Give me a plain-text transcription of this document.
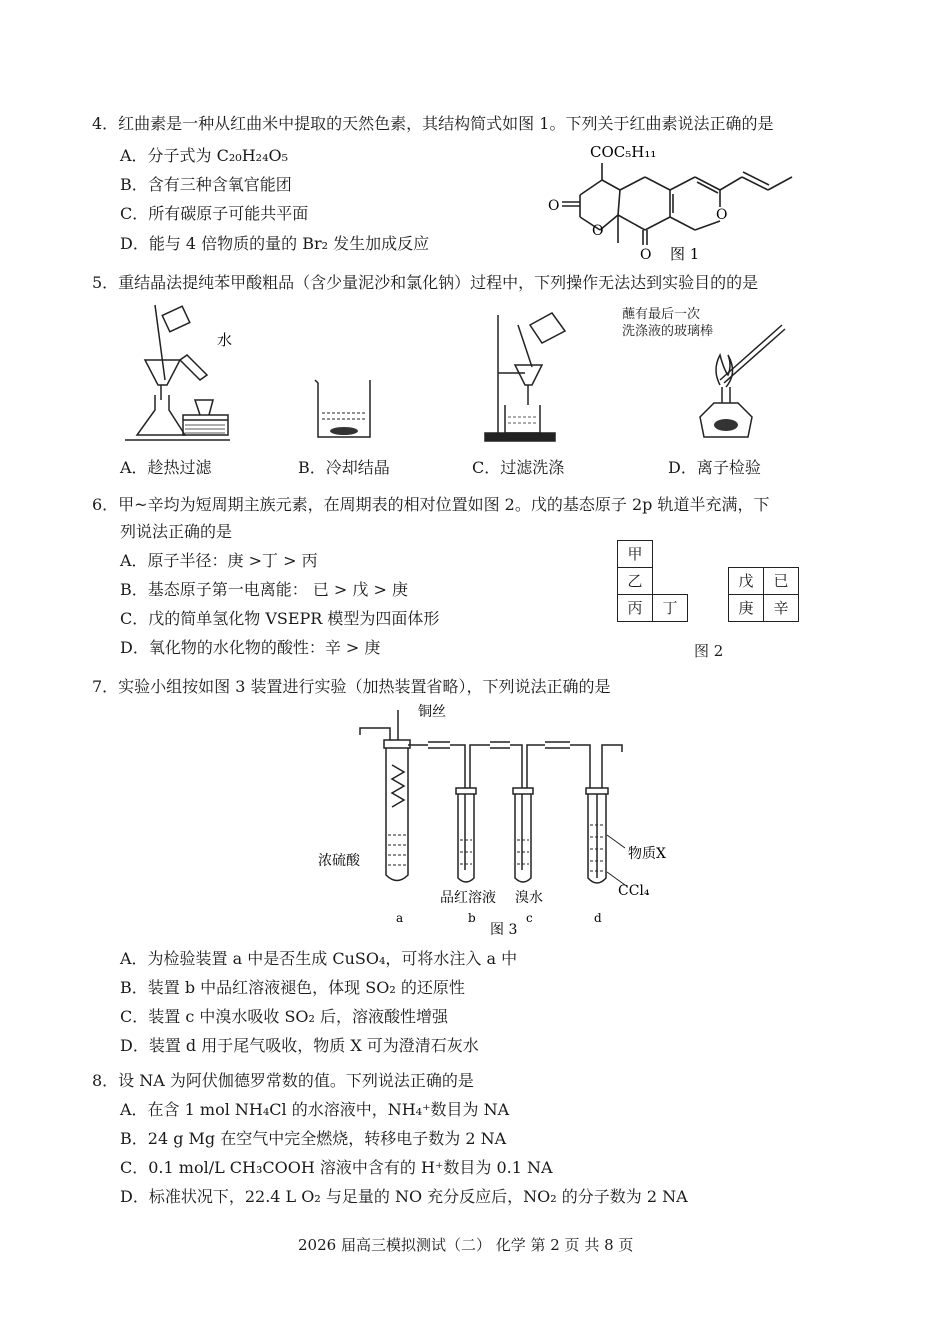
4．红曲素是一种从红曲米中提取的天然色素，其结构简式如图 1。下列关于红曲素说法正确的是
A．分子式为 C₂₀H₂₄O₅
B．含有三种含氧官能团
C．所有碳原子可能共平面
D．能与 4 倍物质的量的 Br₂ 发生加成反应
COC₅H₁₁
O
O
O
O
图 1
5．重结晶法提纯苯甲酸粗品（含少量泥沙和氯化钠）过程中，下列操作无法达到实验目的的是
水
蘸有最后一次
洗涤液的玻璃棒
A．趁热过滤	B．冷却结晶	C．过滤洗涤	D．离子检验
6．甲~辛均为短周期主族元素，在周期表的相对位置如图 2。戊的基态原子 2p 轨道半充满，下
列说法正确的是
A．原子半径：庚 >丁 > 丙
B．基态原子第一电离能： 已 > 戊 > 庚
C．戊的简单氢化物 VSEPR 模型为四面体形
D．氧化物的水化物的酸性：辛 > 庚
甲
乙
丙	丁
戊	已
庚	辛
图 2
7．实验小组按如图 3 装置进行实验（加热装置省略），下列说法正确的是
铜丝
浓硫酸
品红溶液 溴水
物质X
CCl₄
a	b	c	d
图 3
A．为检验装置 a 中是否生成 CuSO₄，可将水注入 a 中
B．装置 b 中品红溶液褪色，体现 SO₂ 的还原性
C．装置 c 中溴水吸收 SO₂ 后，溶液酸性增强
D．装置 d 用于尾气吸收，物质 X 可为澄清石灰水
8．设 NA 为阿伏伽德罗常数的值。下列说法正确的是
A．在含 1 mol NH₄Cl 的水溶液中，NH₄⁺数目为 NA
B．24 g Mg 在空气中完全燃烧，转移电子数为 2 NA
C．0.1 mol/L CH₃COOH 溶液中含有的 H⁺数目为 0.1 NA
D．标准状况下，22.4 L O₂ 与足量的 NO 充分反应后，NO₂ 的分子数为 2 NA
2026 届高三模拟测试（二） 化学 第 2 页 共 8 页
